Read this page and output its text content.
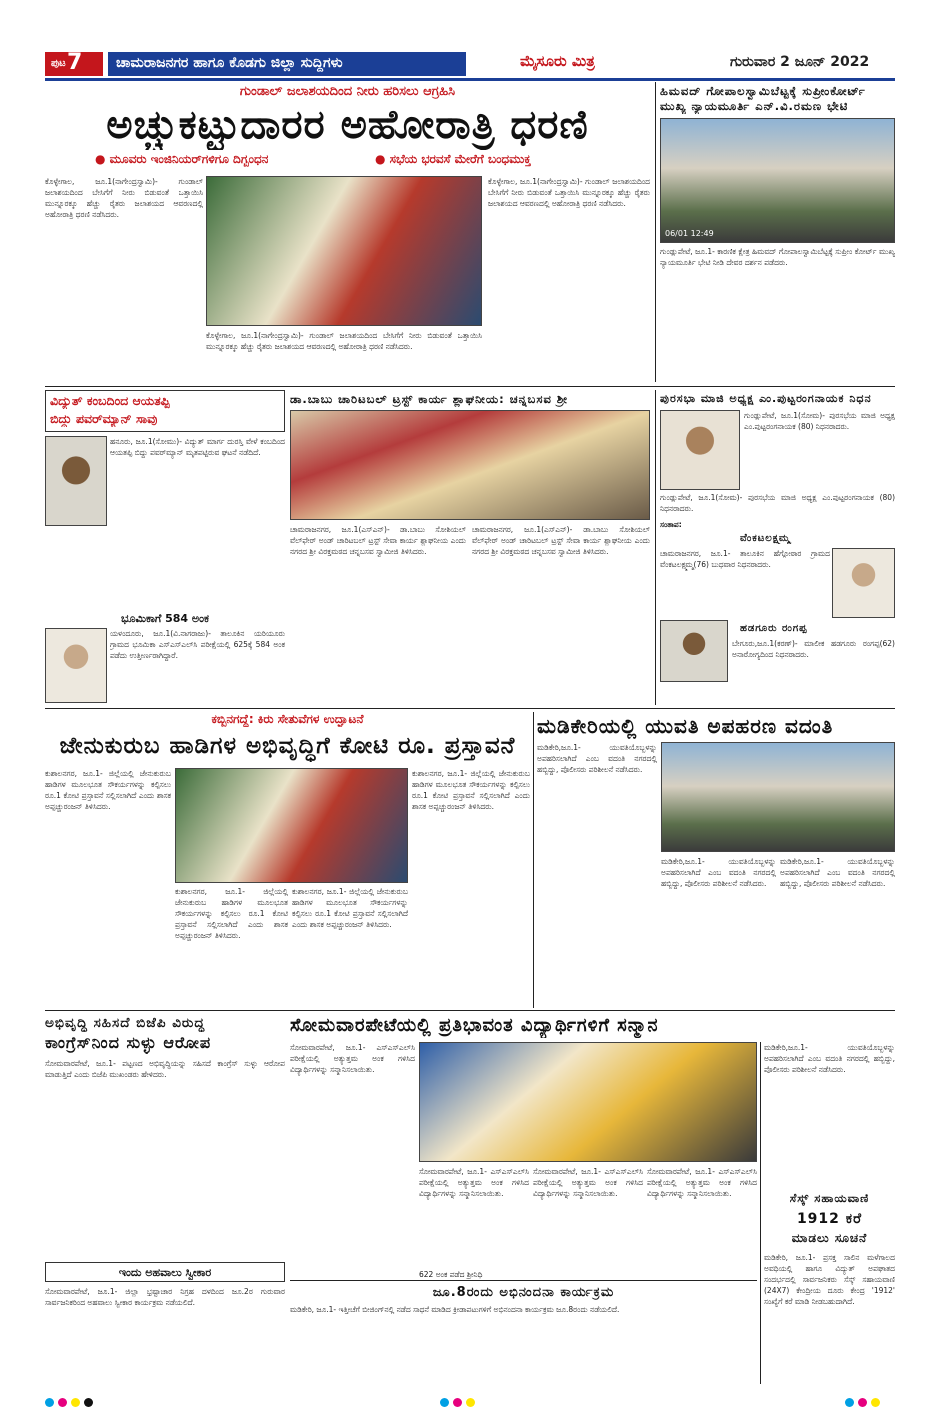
ಪುಟ 7	ಚಾಮರಾಜನಗರ ಹಾಗೂ ಕೊಡಗು ಜಿಲ್ಲಾ ಸುದ್ದಿಗಳು	ಮೈಸೂರು ಮಿತ್ರ	ಗುರುವಾರ 2 ಜೂನ್ 2022
ಗುಂಡಾಲ್ ಜಲಾಶಯದಿಂದ ನೀರು ಹರಿಸಲು ಆಗ್ರಹಿಸಿ
ಅಚ್ಚುಕಟ್ಟುದಾರರ ಅಹೋರಾತ್ರಿ ಧರಣಿ
● ಮೂವರು ಇಂಜಿನಿಯರ್‌ಗಳಿಗೂ ದಿಗ್ಬಂಧನ	● ಸಭೆಯ ಭರವಸೆ ಮೇರೆಗೆ ಬಂಧಮುಕ್ತ
ಕೊಳ್ಳೇಗಾಲ, ಜೂ.1(ನಾಗೇಂದ್ರಸ್ವಾಮಿ)- ಗುಂಡಾಲ್ ಜಲಾಶಯದಿಂದ ಬೇಸಿಗೆಗೆ ನೀರು ಬಿಡುವಂತೆ ಒತ್ತಾಯಿಸಿ ಮುನ್ನೂರಕ್ಕೂ ಹೆಚ್ಚು ರೈತರು ಜಲಾಶಯದ ಆವರಣದಲ್ಲಿ ಅಹೋರಾತ್ರಿ ಧರಣಿ ನಡೆಸಿದರು.
ಕೊಳ್ಳೇಗಾಲ, ಜೂ.1(ನಾಗೇಂದ್ರಸ್ವಾಮಿ)- ಗುಂಡಾಲ್ ಜಲಾಶಯದಿಂದ ಬೇಸಿಗೆಗೆ ನೀರು ಬಿಡುವಂತೆ ಒತ್ತಾಯಿಸಿ ಮುನ್ನೂರಕ್ಕೂ ಹೆಚ್ಚು ರೈತರು ಜಲಾಶಯದ ಆವರಣದಲ್ಲಿ ಅಹೋರಾತ್ರಿ ಧರಣಿ ನಡೆಸಿದರು.
ಕೊಳ್ಳೇಗಾಲ, ಜೂ.1(ನಾಗೇಂದ್ರಸ್ವಾಮಿ)- ಗುಂಡಾಲ್ ಜಲಾಶಯದಿಂದ ಬೇಸಿಗೆಗೆ ನೀರು ಬಿಡುವಂತೆ ಒತ್ತಾಯಿಸಿ ಮುನ್ನೂರಕ್ಕೂ ಹೆಚ್ಚು ರೈತರು ಜಲಾಶಯದ ಆವರಣದಲ್ಲಿ ಅಹೋರಾತ್ರಿ ಧರಣಿ ನಡೆಸಿದರು.
ಹಿಮವದ್ ಗೋಪಾಲಸ್ವಾಮಿಬೆಟ್ಟಕ್ಕೆ ಸುಪ್ರೀಂಕೋರ್ಟ್ ಮುಖ್ಯ ನ್ಯಾಯಮೂರ್ತಿ ಎನ್.ವಿ.ರಮಣ ಭೇಟಿ
06/01 12:49
ಗುಂಡ್ಲುಪೇಟೆ, ಜೂ.1- ಕಾರಣಿಕ ಕ್ಷೇತ್ರ ಹಿಮವದ್ ಗೋಪಾಲಸ್ವಾಮಿಬೆಟ್ಟಕ್ಕೆ ಸುಪ್ರೀಂ ಕೋರ್ಟ್ ಮುಖ್ಯ ನ್ಯಾಯಮೂರ್ತಿ ಭೇಟಿ ನೀಡಿ ದೇವರ ದರ್ಶನ ಪಡೆದರು.
ವಿದ್ಯುತ್ ಕಂಬದಿಂದ ಆಯತಪ್ಪಿ
ಬಿದ್ದು ಪವರ್‌ಮ್ಯಾನ್ ಸಾವು
ಹನೂರು, ಜೂ.1(ಸೋಮು)- ವಿದ್ಯುತ್ ಮಾರ್ಗ ದುರಸ್ತಿ ವೇಳೆ ಕಂಬದಿಂದ ಆಯತಪ್ಪಿ ಬಿದ್ದು ಪವರ್‌ಮ್ಯಾನ್ ಮೃತಪಟ್ಟಿರುವ ಘಟನೆ ನಡೆದಿದೆ.
ಭೂಮಿಕಾಗೆ 584 ಅಂಕ
ಯಳಂದೂರು, ಜೂ.1(ವಿ.ನಾಗರಾಜು)- ತಾಲೂಕಿನ ಯರಿಯೂರು ಗ್ರಾಮದ ಭೂಮಿಕಾ ಎಸ್‌ಎಸ್‌ಎಲ್‌ಸಿ ಪರೀಕ್ಷೆಯಲ್ಲಿ 625ಕ್ಕೆ 584 ಅಂಕ ಪಡೆದು ಉತ್ತೀರ್ಣರಾಗಿದ್ದಾರೆ.
ಡಾ.ಬಾಬು ಚಾರಿಟಬಲ್ ಟ್ರಸ್ಟ್ ಕಾರ್ಯ ಶ್ಲಾಘನೀಯ: ಚನ್ನಬಸವ ಶ್ರೀ
ಚಾಮರಾಜನಗರ, ಜೂ.1(ಎಸ್‌ಎನ್)- ಡಾ.ಬಾಬು ಸೋಶಿಯಲ್ ವೆಲ್‌ಫೇರ್ ಅಂಡ್ ಚಾರಿಟಬಲ್ ಟ್ರಸ್ಟ್ ಸೇವಾ ಕಾರ್ಯ ಶ್ಲಾಘನೀಯ ಎಂದು ನಗರದ ಶ್ರೀ ವಿರಕ್ತಮಠದ ಚನ್ನಬಸವ ಸ್ವಾಮೀಜಿ ತಿಳಿಸಿದರು.
ಚಾಮರಾಜನಗರ, ಜೂ.1(ಎಸ್‌ಎನ್)- ಡಾ.ಬಾಬು ಸೋಶಿಯಲ್ ವೆಲ್‌ಫೇರ್ ಅಂಡ್ ಚಾರಿಟಬಲ್ ಟ್ರಸ್ಟ್ ಸೇವಾ ಕಾರ್ಯ ಶ್ಲಾಘನೀಯ ಎಂದು ನಗರದ ಶ್ರೀ ವಿರಕ್ತಮಠದ ಚನ್ನಬಸವ ಸ್ವಾಮೀಜಿ ತಿಳಿಸಿದರು.
ಪುರಸಭಾ ಮಾಜಿ ಅಧ್ಯಕ್ಷ ಎಂ.ಪುಟ್ಟರಂಗನಾಯಕ ನಿಧನ
ಗುಂಡ್ಲುಪೇಟೆ, ಜೂ.1(ಸೋಮ)- ಪುರಸಭೆಯ ಮಾಜಿ ಅಧ್ಯಕ್ಷ ಎಂ.ಪುಟ್ಟರಂಗನಾಯಕ (80) ನಿಧನರಾದರು.
ಗುಂಡ್ಲುಪೇಟೆ, ಜೂ.1(ಸೋಮ)- ಪುರಸಭೆಯ ಮಾಜಿ ಅಧ್ಯಕ್ಷ ಎಂ.ಪುಟ್ಟರಂಗನಾಯಕ (80) ನಿಧನರಾದರು.
ಸಂತಾಪ:
ವೆಂಕಟಲಕ್ಷ್ಮಮ್ಮ
ಚಾಮರಾಜನಗರ, ಜೂ.1- ತಾಲೂಕಿನ ಹೆಗ್ಗೋಠಾರ ಗ್ರಾಮದ ವೆಂಕಟಲಕ್ಷ್ಮಮ್ಮ(76) ಬುಧವಾರ ನಿಧನರಾದರು.
ಹಡಗೂರು ರಂಗಪ್ಪ
ಬೇಗೂರು,ಜೂ.1(ಕರಣ್)- ಮಾಲೀಕ ಹಡಗೂರು ರಂಗಪ್ಪ(62) ಅನಾರೋಗ್ಯದಿಂದ ನಿಧನರಾದರು.
ಕಬ್ಬಿನಗದ್ದೆ: ಕಿರು ಸೇತುವೆಗಳ ಉದ್ಘಾಟನೆ
ಜೇನುಕುರುಬ ಹಾಡಿಗಳ ಅಭಿವೃದ್ಧಿಗೆ ಕೋಟಿ ರೂ. ಪ್ರಸ್ತಾವನೆ
ಕುಶಾಲನಗರ, ಜೂ.1- ಜಿಲ್ಲೆಯಲ್ಲಿ ಜೇನುಕುರುಬ ಹಾಡಿಗಳ ಮೂಲಭೂತ ಸೌಕರ್ಯಗಳನ್ನು ಕಲ್ಪಿಸಲು ರೂ.1 ಕೋಟಿ ಪ್ರಸ್ತಾವನೆ ಸಲ್ಲಿಸಲಾಗಿದೆ ಎಂದು ಶಾಸಕ ಅಪ್ಪಚ್ಚುರಂಜನ್ ತಿಳಿಸಿದರು.
ಕುಶಾಲನಗರ, ಜೂ.1- ಜಿಲ್ಲೆಯಲ್ಲಿ ಜೇನುಕುರುಬ ಹಾಡಿಗಳ ಮೂಲಭೂತ ಸೌಕರ್ಯಗಳನ್ನು ಕಲ್ಪಿಸಲು ರೂ.1 ಕೋಟಿ ಪ್ರಸ್ತಾವನೆ ಸಲ್ಲಿಸಲಾಗಿದೆ ಎಂದು ಶಾಸಕ ಅಪ್ಪಚ್ಚುರಂಜನ್ ತಿಳಿಸಿದರು.
ಕುಶಾಲನಗರ, ಜೂ.1- ಜಿಲ್ಲೆಯಲ್ಲಿ ಜೇನುಕುರುಬ ಹಾಡಿಗಳ ಮೂಲಭೂತ ಸೌಕರ್ಯಗಳನ್ನು ಕಲ್ಪಿಸಲು ರೂ.1 ಕೋಟಿ ಪ್ರಸ್ತಾವನೆ ಸಲ್ಲಿಸಲಾಗಿದೆ ಎಂದು ಶಾಸಕ ಅಪ್ಪಚ್ಚುರಂಜನ್ ತಿಳಿಸಿದರು.
ಕುಶಾಲನಗರ, ಜೂ.1- ಜಿಲ್ಲೆಯಲ್ಲಿ ಜೇನುಕುರುಬ ಹಾಡಿಗಳ ಮೂಲಭೂತ ಸೌಕರ್ಯಗಳನ್ನು ಕಲ್ಪಿಸಲು ರೂ.1 ಕೋಟಿ ಪ್ರಸ್ತಾವನೆ ಸಲ್ಲಿಸಲಾಗಿದೆ ಎಂದು ಶಾಸಕ ಅಪ್ಪಚ್ಚುರಂಜನ್ ತಿಳಿಸಿದರು.
ಮಡಿಕೇರಿಯಲ್ಲಿ ಯುವತಿ ಅಪಹರಣ ವದಂತಿ
ಮಡಿಕೇರಿ,ಜೂ.1- ಯುವತಿಯೊಬ್ಬಳನ್ನು ಅಪಹರಿಸಲಾಗಿದೆ ಎಂಬ ವದಂತಿ ನಗರದಲ್ಲಿ ಹಬ್ಬಿದ್ದು, ಪೊಲೀಸರು ಪರಿಶೀಲನೆ ನಡೆಸಿದರು.
ಮಡಿಕೇರಿ,ಜೂ.1- ಯುವತಿಯೊಬ್ಬಳನ್ನು ಅಪಹರಿಸಲಾಗಿದೆ ಎಂಬ ವದಂತಿ ನಗರದಲ್ಲಿ ಹಬ್ಬಿದ್ದು, ಪೊಲೀಸರು ಪರಿಶೀಲನೆ ನಡೆಸಿದರು.
ಮಡಿಕೇರಿ,ಜೂ.1- ಯುವತಿಯೊಬ್ಬಳನ್ನು ಅಪಹರಿಸಲಾಗಿದೆ ಎಂಬ ವದಂತಿ ನಗರದಲ್ಲಿ ಹಬ್ಬಿದ್ದು, ಪೊಲೀಸರು ಪರಿಶೀಲನೆ ನಡೆಸಿದರು.
ಅಭಿವೃದ್ಧಿ ಸಹಿಸದೆ ಬಿಜೆಪಿ ವಿರುದ್ಧ
ಕಾಂಗ್ರೆಸ್‌ನಿಂದ ಸುಳ್ಳು ಆರೋಪ
ಸೋಮವಾರಪೇಟೆ, ಜೂ.1- ಪಟ್ಟಣದ ಅಭಿವೃದ್ಧಿಯನ್ನು ಸಹಿಸದೆ ಕಾಂಗ್ರೆಸ್ ಸುಳ್ಳು ಆರೋಪ ಮಾಡುತ್ತಿದೆ ಎಂದು ಬಿಜೆಪಿ ಮುಖಂಡರು ಹೇಳಿದರು.
ಇಂದು ಅಹವಾಲು ಸ್ವೀಕಾರ
ಸೋಮವಾರಪೇಟೆ, ಜೂ.1- ಜಿಲ್ಲಾ ಭ್ರಷ್ಟಾಚಾರ ನಿಗ್ರಹ ದಳದಿಂದ ಜೂ.2ರ ಗುರುವಾರ ಸಾರ್ವಜನಿಕರಿಂದ ಅಹವಾಲು ಸ್ವೀಕಾರ ಕಾರ್ಯಕ್ರಮ ನಡೆಯಲಿದೆ.
ಸೋಮವಾರಪೇಟೆಯಲ್ಲಿ ಪ್ರತಿಭಾವಂತ ವಿದ್ಯಾರ್ಥಿಗಳಿಗೆ ಸನ್ಮಾನ
ಸೋಮವಾರಪೇಟೆ, ಜೂ.1- ಎಸ್‌ಎಸ್‌ಎಲ್‌ಸಿ ಪರೀಕ್ಷೆಯಲ್ಲಿ ಅತ್ಯುತ್ತಮ ಅಂಕ ಗಳಿಸಿದ ವಿದ್ಯಾರ್ಥಿಗಳನ್ನು ಸನ್ಮಾನಿಸಲಾಯಿತು.
ಸೋಮವಾರಪೇಟೆ, ಜೂ.1- ಎಸ್‌ಎಸ್‌ಎಲ್‌ಸಿ ಪರೀಕ್ಷೆಯಲ್ಲಿ ಅತ್ಯುತ್ತಮ ಅಂಕ ಗಳಿಸಿದ ವಿದ್ಯಾರ್ಥಿಗಳನ್ನು ಸನ್ಮಾನಿಸಲಾಯಿತು.
ಸೋಮವಾರಪೇಟೆ, ಜೂ.1- ಎಸ್‌ಎಸ್‌ಎಲ್‌ಸಿ ಪರೀಕ್ಷೆಯಲ್ಲಿ ಅತ್ಯುತ್ತಮ ಅಂಕ ಗಳಿಸಿದ ವಿದ್ಯಾರ್ಥಿಗಳನ್ನು ಸನ್ಮಾನಿಸಲಾಯಿತು.
ಸೋಮವಾರಪೇಟೆ, ಜೂ.1- ಎಸ್‌ಎಸ್‌ಎಲ್‌ಸಿ ಪರೀಕ್ಷೆಯಲ್ಲಿ ಅತ್ಯುತ್ತಮ ಅಂಕ ಗಳಿಸಿದ ವಿದ್ಯಾರ್ಥಿಗಳನ್ನು ಸನ್ಮಾನಿಸಲಾಯಿತು.
622 ಅಂಕ ಪಡೆದ ಶ್ರೀನಿಧಿ
ಜೂ.8ರಂದು ಅಭಿನಂದನಾ ಕಾರ್ಯಕ್ರಮ
ಮಡಿಕೇರಿ, ಜೂ.1- ಇತ್ತೀಚೆಗೆ ಬೀಜಿಂಗ್‌ನಲ್ಲಿ ನಡೆದ ಸಾಧನೆ ಮಾಡಿದ ಕ್ರೀಡಾಪಟುಗಳಿಗೆ ಅಭಿನಂದನಾ ಕಾರ್ಯಕ್ರಮ ಜೂ.8ರಂದು ನಡೆಯಲಿದೆ.
ಸೆಸ್ಕ್ ಸಹಾಯವಾಣಿ
1912 ಕರೆ
ಮಾಡಲು ಸೂಚನೆ
ಮಡಿಕೇರಿ, ಜೂ.1- ಪ್ರಸಕ್ತ ಸಾಲಿನ ಮಳೆಗಾಲದ ಅವಧಿಯಲ್ಲಿ ಹಾಗೂ ವಿದ್ಯುತ್ ಅಪಘಾತದ ಸಂದರ್ಭದಲ್ಲಿ ಸಾರ್ವಜನಿಕರು ಸೆಸ್ಕ್ ಸಹಾಯವಾಣಿ (24X7) ಕೇಂದ್ರೀಯ ದೂರು ಕೇಂದ್ರ '1912' ಸಂಖ್ಯೆಗೆ ಕರೆ ಮಾಡಿ ನೀಡಬಹುದಾಗಿದೆ.
ಮಡಿಕೇರಿ,ಜೂ.1- ಯುವತಿಯೊಬ್ಬಳನ್ನು ಅಪಹರಿಸಲಾಗಿದೆ ಎಂಬ ವದಂತಿ ನಗರದಲ್ಲಿ ಹಬ್ಬಿದ್ದು, ಪೊಲೀಸರು ಪರಿಶೀಲನೆ ನಡೆಸಿದರು.
